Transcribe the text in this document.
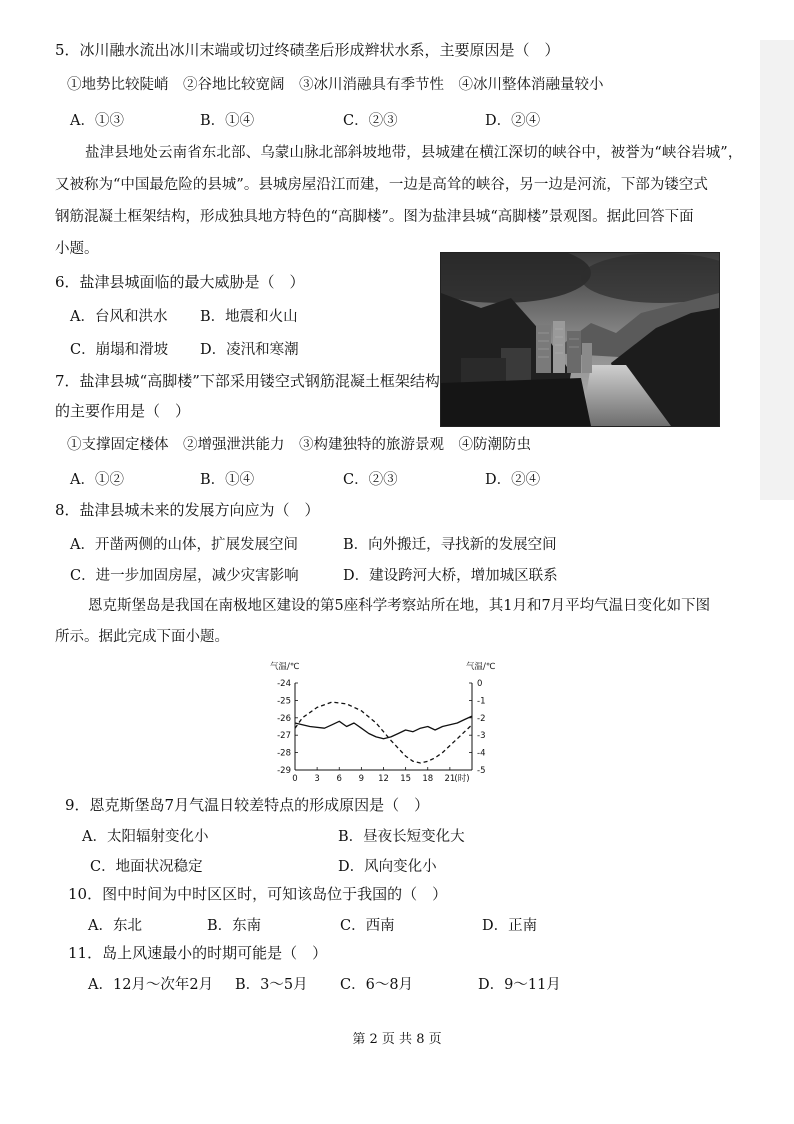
5．冰川融水流出冰川末端或切过终碛垄后形成辫状水系，主要原因是（　）
①地势比较陡峭　②谷地比较宽阔　③冰川消融具有季节性　④冰川整体消融量较小
A．①③	B．①④	C．②③	D．②④
盐津县地处云南省东北部、乌蒙山脉北部斜坡地带，县城建在横江深切的峡谷中，被誉为“峡谷岩城”，
又被称为“中国最危险的县城”。县城房屋沿江而建，一边是高耸的峡谷，另一边是河流，下部为镂空式
钢筋混凝土框架结构，形成独具地方特色的“高脚楼”。图为盐津县城“高脚楼”景观图。据此回答下面
小题。
6．盐津县城面临的最大威胁是（　）
A．台风和洪水 B．地震和火山
C．崩塌和滑坡 D．凌汛和寒潮
7．盐津县城“高脚楼”下部采用镂空式钢筋混凝土框架结构
的主要作用是（　）
①支撑固定楼体　②增强泄洪能力　③构建独特的旅游景观　④防潮防虫
A．①②	B．①④	C．②③	D．②④
8．盐津县城未来的发展方向应为（　）
A．开凿两侧的山体，扩展发展空间	B．向外搬迁，寻找新的发展空间
C．进一步加固房屋，减少灾害影响	D．建设跨河大桥，增加城区联系
恩克斯堡岛是我国在南极地区建设的第5座科学考察站所在地，其1月和7月平均气温日变化如下图
所示。据此完成下面小题。
气温/℃	气温/℃
-24
-25
-26
-27
-28
-29
0
-1
-2
-3
-4
-5
0 3 6 9 12 15 18 21 (时)
9．恩克斯堡岛7月气温日较差特点的形成原因是（　）
A．太阳辐射变化小	B．昼夜长短变化大
C．地面状况稳定	D．风向变化小
10．图中时间为中时区区时，可知该岛位于我国的（　）
A．东北	B．东南	C．西南	D．正南
11．岛上风速最小的时期可能是（　）
A．12月～次年2月 B．3～5月 C．6～8月	D．9～11月
第 2 页 共 8 页
